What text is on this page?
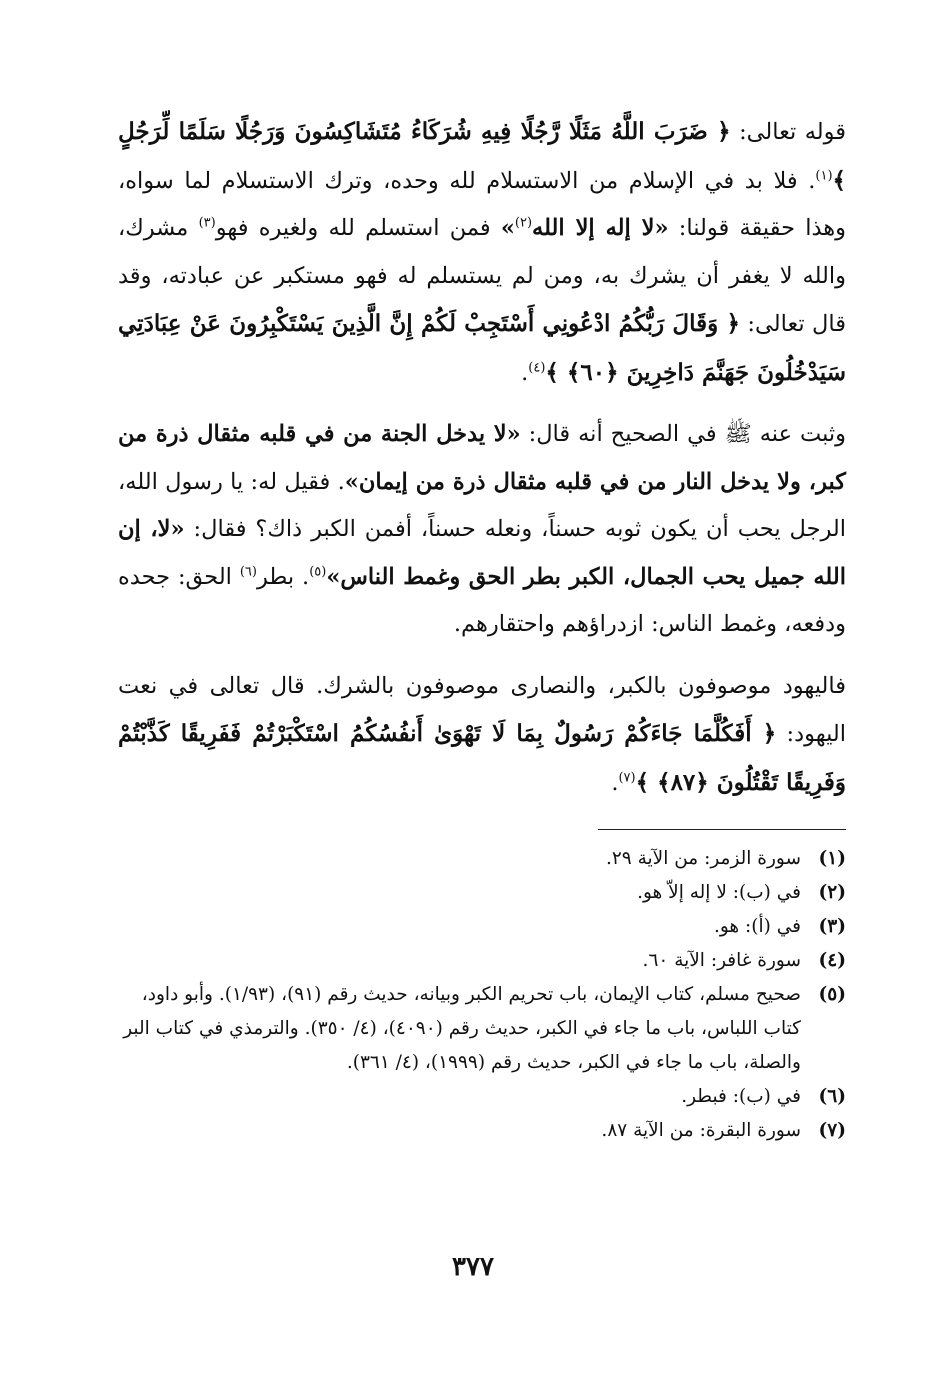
قوله تعالى: ﴿ ضَرَبَ اللَّهُ مَثَلًا رَّجُلًا فِيهِ شُرَكَاءُ مُتَشَاكِسُونَ وَرَجُلًا سَلَمًا لِّرَجُلٍ ﴾$^{(١)}$. فلا بد في الإسلام من الاستسلام لله وحده، وترك الاستسلام لما سواه، وهذا حقيقة قولنا: «لا إله إلا الله$^{(٢)}$» فمن استسلم لله ولغيره فهو$^{(٣)}$ مشرك، والله لا يغفر أن يشرك به، ومن لم يستسلم له فهو مستكبر عن عبادته، وقد قال تعالى: ﴿ وَقَالَ رَبُّكُمُ ادْعُونِي أَسْتَجِبْ لَكُمْ إِنَّ الَّذِينَ يَسْتَكْبِرُونَ عَنْ عِبَادَتِي سَيَدْخُلُونَ جَهَنَّمَ دَاخِرِينَ ﴿٦٠﴾ ﴾$^{(٤)}$.

وثبت عنه ﷺ في الصحيح أنه قال: «لا يدخل الجنة من في قلبه مثقال ذرة من كبر، ولا يدخل النار من في قلبه مثقال ذرة من إيمان». فقيل له: يا رسول الله، الرجل يحب أن يكون ثوبه حسناً، ونعله حسناً، أفمن الكبر ذاك؟ فقال: «لا، إن الله جميل يحب الجمال، الكبر بطر الحق وغمط الناس»$^{(٥)}$. بطر$^{(٦)}$ الحق: جحده ودفعه، وغمط الناس: ازدراؤهم واحتقارهم.

فاليهود موصوفون بالكبر، والنصارى موصوفون بالشرك. قال تعالى في نعت اليهود: ﴿ أَفَكُلَّمَا جَاءَكُمْ رَسُولٌ بِمَا لَا تَهْوَىٰ أَنفُسُكُمُ اسْتَكْبَرْتُمْ فَفَرِيقًا كَذَّبْتُمْ وَفَرِيقًا تَقْتُلُونَ ﴿٨٧﴾ ﴾$^{(٧)}$.

(١)
سورة الزمر: من الآية ٢٩.
(٢)
في (ب): لا إله إلاّ هو.
(٣)
في (أ): هو.
(٤)
سورة غافر: الآية ٦٠.
(٥)
صحيح مسلم، كتاب الإيمان، باب تحريم الكبر وبيانه، حديث رقم (٩١)، (١/٩٣). وأبو داود، كتاب اللباس، باب ما جاء في الكبر، حديث رقم (٤٠٩٠)، (٤/ ٣٥٠). والترمذي في كتاب البر والصلة، باب ما جاء في الكبر، حديث رقم (١٩٩٩)، (٤/ ٣٦١).
(٦)
في (ب): فبطر.
(٧)
سورة البقرة: من الآية ٨٧.
٣٧٧
